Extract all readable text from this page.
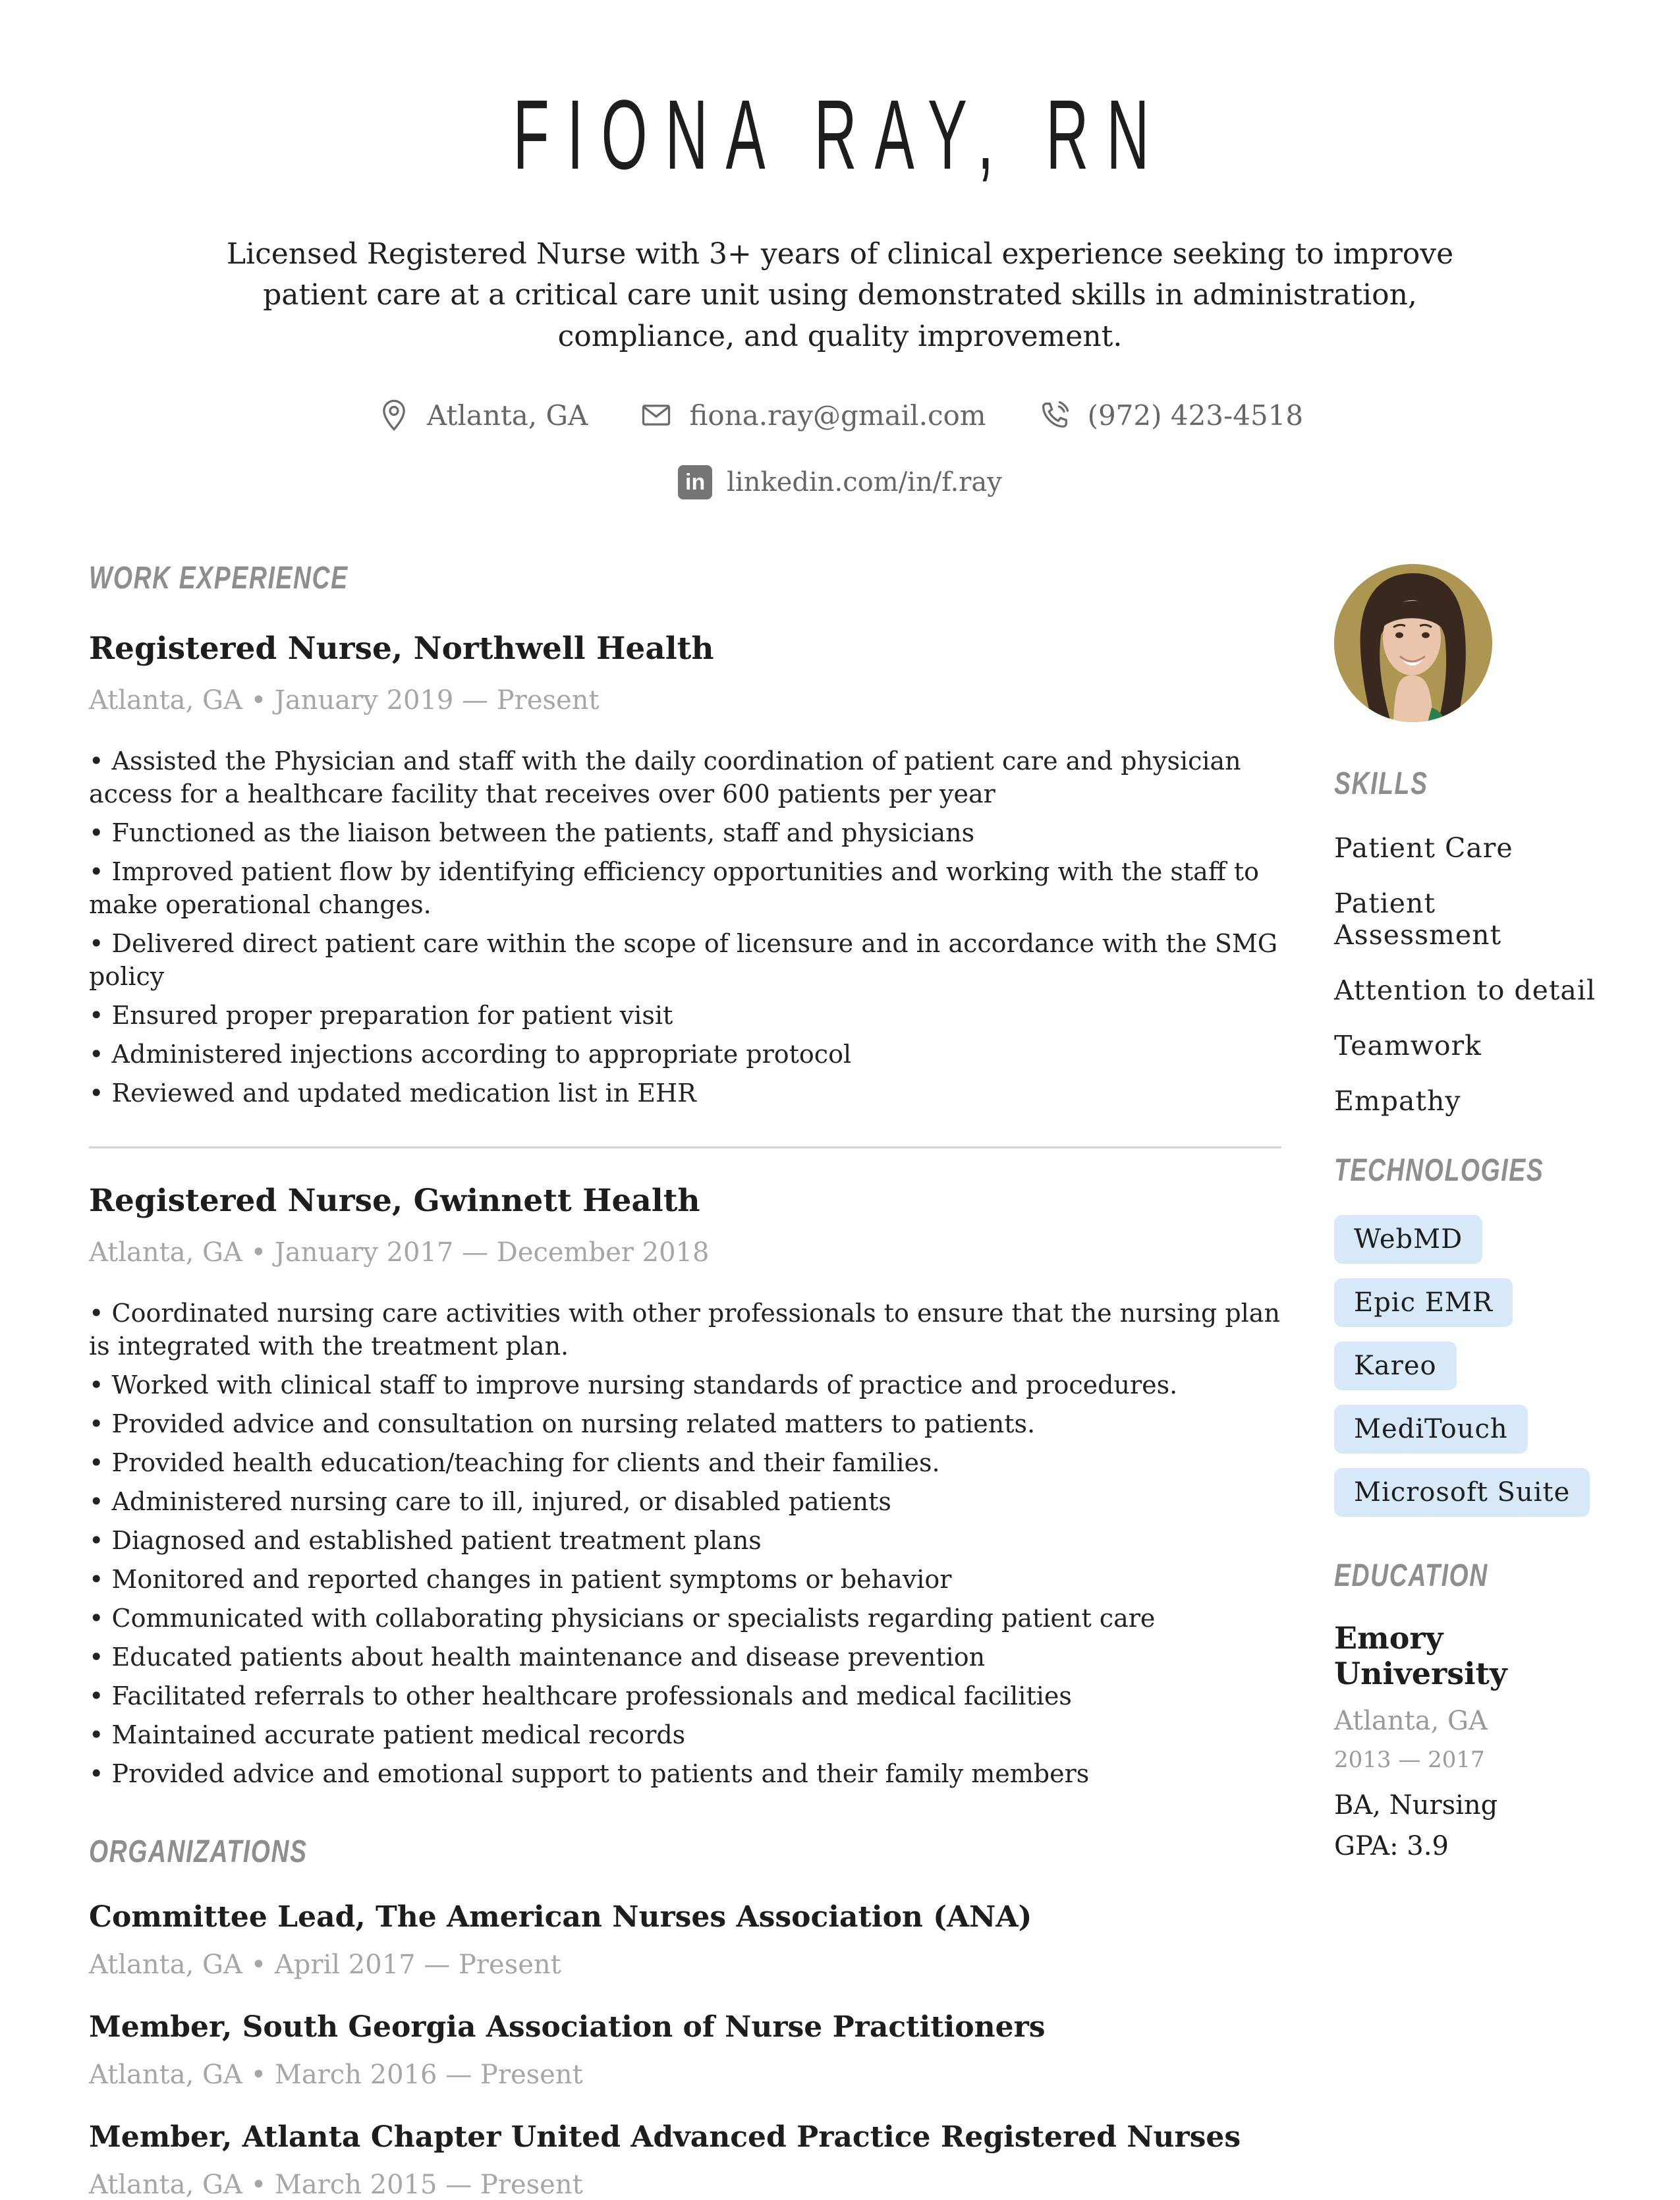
FIONA RAY, RN
Licensed Registered Nurse with 3+ years of clinical experience seeking to improve patient care at a critical care unit using demonstrated skills in administration, compliance, and quality improvement.
Atlanta, GA	fiona.ray@gmail.com	(972) 423-4518
in linkedin.com/in/f.ray
WORK EXPERIENCE
Registered Nurse, Northwell Health
Atlanta, GA • January 2019 — Present
• Assisted the Physician and staff with the daily coordination of patient care and physician access for a healthcare facility that receives over 600 patients per year
• Functioned as the liaison between the patients, staff and physicians
• Improved patient flow by identifying efficiency opportunities and working with the staff to make operational changes.
• Delivered direct patient care within the scope of licensure and in accordance with the SMG policy
• Ensured proper preparation for patient visit
• Administered injections according to appropriate protocol
• Reviewed and updated medication list in EHR
Registered Nurse, Gwinnett Health
Atlanta, GA • January 2017 — December 2018
• Coordinated nursing care activities with other professionals to ensure that the nursing plan is integrated with the treatment plan.
• Worked with clinical staff to improve nursing standards of practice and procedures.
• Provided advice and consultation on nursing related matters to patients.
• Provided health education/teaching for clients and their families.
• Administered nursing care to ill, injured, or disabled patients
• Diagnosed and established patient treatment plans
• Monitored and reported changes in patient symptoms or behavior
• Communicated with collaborating physicians or specialists regarding patient care
• Educated patients about health maintenance and disease prevention
• Facilitated referrals to other healthcare professionals and medical facilities
• Maintained accurate patient medical records
• Provided advice and emotional support to patients and their family members
ORGANIZATIONS
Committee Lead, The American Nurses Association (ANA)
Atlanta, GA • April 2017 — Present
Member, South Georgia Association of Nurse Practitioners
Atlanta, GA • March 2016 — Present
Member, Atlanta Chapter United Advanced Practice Registered Nurses
Atlanta, GA • March 2015 — Present
SKILLS
Patient Care
Patient Assessment
Attention to detail
Teamwork
Empathy
TECHNOLOGIES
WebMD
Epic EMR
Kareo
MediTouch
Microsoft Suite
EDUCATION
Emory University
Atlanta, GA
2013 — 2017
BA, Nursing
GPA: 3.9
